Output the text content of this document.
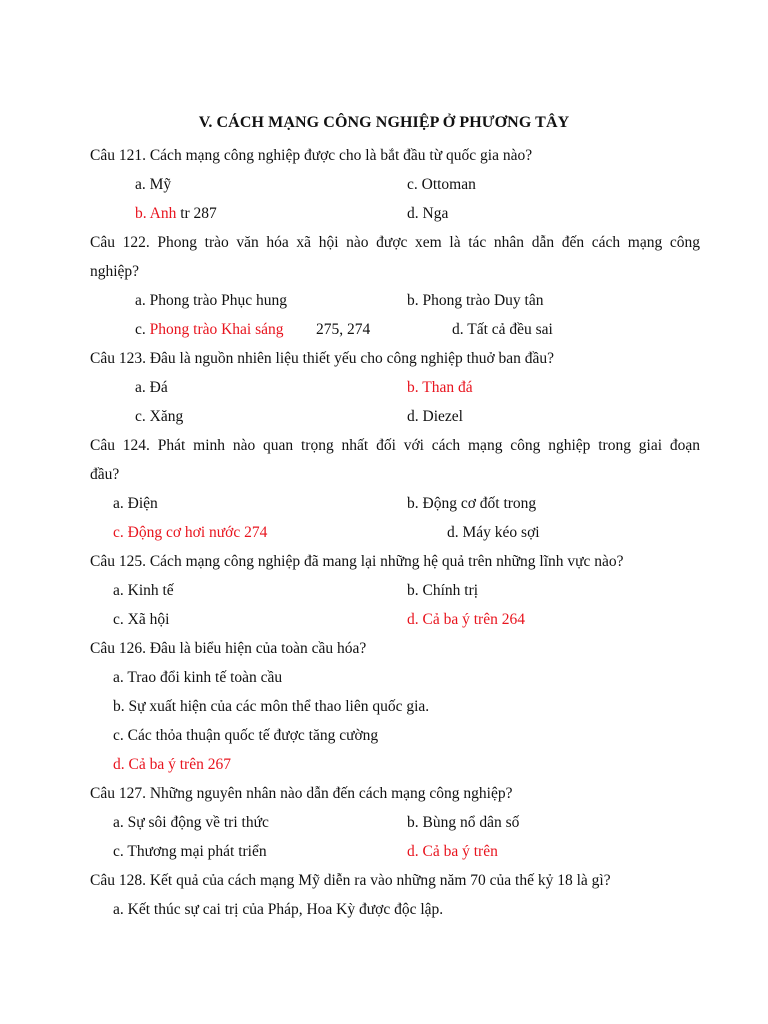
V. CÁCH MẠNG CÔNG NGHIỆP Ở PHƯƠNG TÂY
Câu 121. Cách mạng công nghiệp được cho là bắt đầu từ quốc gia nào?
a. Mỹ	c. Ottoman
b. Anh tr 287	d. Nga
Câu 122. Phong trào văn hóa xã hội nào được xem là tác nhân dẫn đến cách mạng công
nghiệp?
a. Phong trào Phục hung	b. Phong trào Duy tân
c. Phong trào Khai sáng 275, 274	d. Tất cả đều sai
Câu 123. Đâu là nguồn nhiên liệu thiết yếu cho công nghiệp thuở ban đầu?
a. Đá	b. Than đá
c. Xăng	d. Diezel
Câu 124. Phát minh nào quan trọng nhất đối với cách mạng công nghiệp trong giai đoạn
đầu?
a. Điện	b. Động cơ đốt trong
c. Động cơ hơi nước 274	d. Máy kéo sợi
Câu 125. Cách mạng công nghiệp đã mang lại những hệ quả trên những lĩnh vực nào?
a. Kinh tế	b. Chính trị
c. Xã hội	d. Cả ba ý trên 264
Câu 126. Đâu là biểu hiện của toàn cầu hóa?
a. Trao đổi kinh tế toàn cầu
b. Sự xuất hiện của các môn thể thao liên quốc gia.
c. Các thỏa thuận quốc tế được tăng cường
d. Cả ba ý trên 267
Câu 127. Những nguyên nhân nào dẫn đến cách mạng công nghiệp?
a. Sự sôi động về tri thức	b. Bùng nổ dân số
c. Thương mại phát triển	d. Cả ba ý trên
Câu 128. Kết quả của cách mạng Mỹ diễn ra vào những năm 70 của thế kỷ 18 là gì?
a. Kết thúc sự cai trị của Pháp, Hoa Kỳ được độc lập.
